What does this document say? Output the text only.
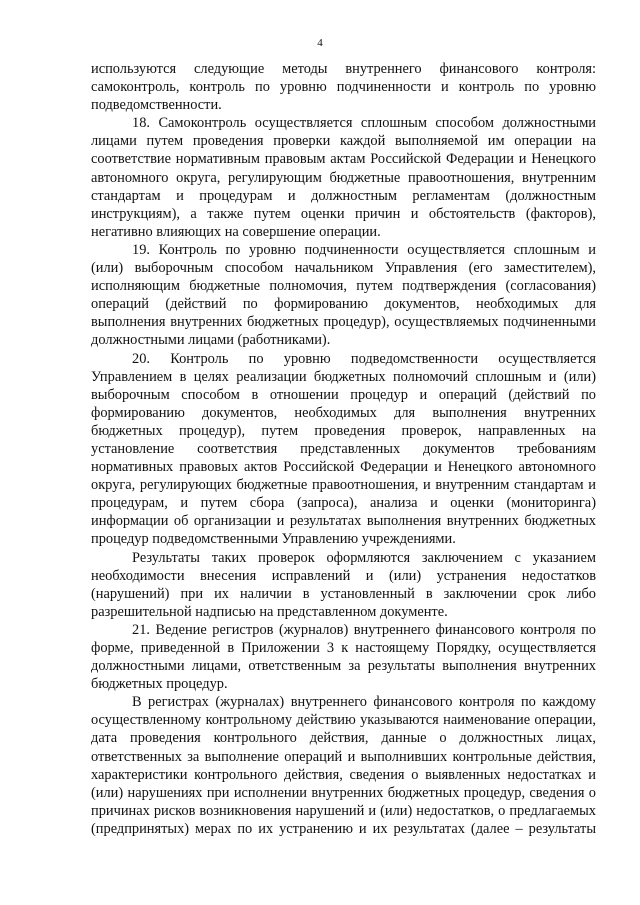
4

используются следующие методы внутреннего финансового контроля: самоконтроль, контроль по уровню подчиненности и контроль по уровню подведомственности.

18. Самоконтроль осуществляется сплошным способом должностными лицами путем проведения проверки каждой выполняемой им операции на соответствие нормативным правовым актам Российской Федерации и Ненецкого автономного округа, регулирующим бюджетные правоотношения, внутренним стандартам и процедурам и должностным регламентам (должностным инструкциям), а также путем оценки причин и обстоятельств (факторов), негативно влияющих на совершение операции.

19. Контроль по уровню подчиненности осуществляется сплошным и (или) выборочным способом начальником Управления (его заместителем), исполняющим бюджетные полномочия, путем подтверждения (согласования) операций (действий по формированию документов, необходимых для выполнения внутренних бюджетных процедур), осуществляемых подчиненными должностными лицами (работниками).

20. Контроль по уровню подведомственности осуществляется Управлением в целях реализации бюджетных полномочий сплошным и (или) выборочным способом в отношении процедур и операций (действий по формированию документов, необходимых для выполнения внутренних бюджетных процедур), путем проведения проверок, направленных на установление соответствия представленных документов требованиям нормативных правовых актов Российской Федерации и Ненецкого автономного округа, регулирующих бюджетные правоотношения, и внутренним стандартам и процедурам, и путем сбора (запроса), анализа и оценки (мониторинга) информации об организации и результатах выполнения внутренних бюджетных процедур подведомственными Управлению учреждениями.

Результаты таких проверок оформляются заключением с указанием необходимости внесения исправлений и (или) устранения недостатков (нарушений) при их наличии в установленный в заключении срок либо разрешительной надписью на представленном документе.

21. Ведение регистров (журналов) внутреннего финансового контроля по форме, приведенной в Приложении 3 к настоящему Порядку, осуществляется должностными лицами, ответственным за результаты выполнения внутренних бюджетных процедур.

В регистрах (журналах) внутреннего финансового контроля по каждому осуществленному контрольному действию указываются наименование операции, дата проведения контрольного действия, данные о должностных лицах, ответственных за выполнение операций и выполнивших контрольные действия, характеристики контрольного действия, сведения о выявленных недостатках и (или) нарушениях при исполнении внутренних бюджетных процедур, сведения о причинах рисков возникновения нарушений и (или) недостатков, о предлагаемых (предпринятых) мерах по их устранению и их результатах (далее – результаты
